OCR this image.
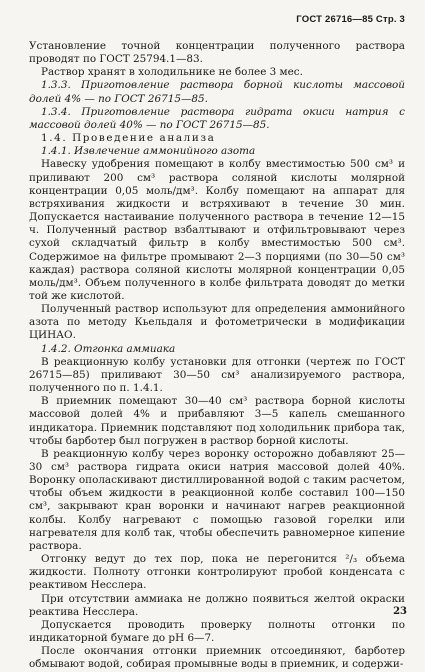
ГОСТ 26716—85 Стр. 3

Установление точной концентрации полученного раствора проводят по ГОСТ 25794.1—83.

Раствор хранят в холодильнике не более 3 мес.

1.3.3. Приготовление раствора борной кислоты массовой долей 4% — по ГОСТ 26715—85.

1.3.4. Приготовление раствора гидрата окиси натрия с массовой долей 40% — по ГОСТ 26715—85.

1.4. Проведение анализа

1.4.1. Извлечение аммонийного азота

Навеску удобрения помещают в колбу вместимостью 500 см³ и приливают 200 см³ раствора соляной кислоты молярной концентрации 0,05 моль/дм³. Колбу помещают на аппарат для встряхивания жидкости и встряхивают в течение 30 мин. Допускается настаивание полученного раствора в течение 12—15 ч. Полученный раствор взбалтывают и отфильтровывают через сухой складчатый фильтр в колбу вместимостью 500 см³. Содержимое на фильтре промывают 2—3 порциями (по 30—50 см³ каждая) раствора соляной кислоты молярной концентрации 0,05 моль/дм³. Объем полученного в колбе фильтрата доводят до метки той же кислотой.

Полученный раствор используют для определения аммонийного азота по методу Кьельдаля и фотометрически в модификации ЦИНАО.

1.4.2. Отгонка аммиака

В реакционную колбу установки для отгонки (чертеж по ГОСТ 26715—85) приливают 30—50 см³ анализируемого раствора, полученного по п. 1.4.1.

В приемник помещают 30—40 см³ раствора борной кислоты массовой долей 4% и прибавляют 3—5 капель смешанного индикатора. Приемник подставляют под холодильник прибора так, чтобы барботер был погружен в раствор борной кислоты.

В реакционную колбу через воронку осторожно добавляют 25—30 см³ раствора гидрата окиси натрия массовой долей 40%. Воронку ополаскивают дистиллированной водой с таким расчетом, чтобы объем жидкости в реакционной колбе составил 100—150 см³, закрывают кран воронки и начинают нагрев реакционной колбы. Колбу нагревают с помощью газовой горелки или нагревателя для колб так, чтобы обеспечить равномерное кипение раствора.

Отгонку ведут до тех пор, пока не перегонится ²/₃ объема жидкости. Полноту отгонки контролируют пробой конденсата с реактивом Несслера.

При отсутствии аммиака не должно появиться желтой окраски реактива Несслера.

Допускается проводить проверку полноты отгонки по индикаторной бумаге до pH 6—7.

После окончания отгонки приемник отсоединяют, барботер обмывают водой, собирая промывные воды в приемник, и содержи-

23
